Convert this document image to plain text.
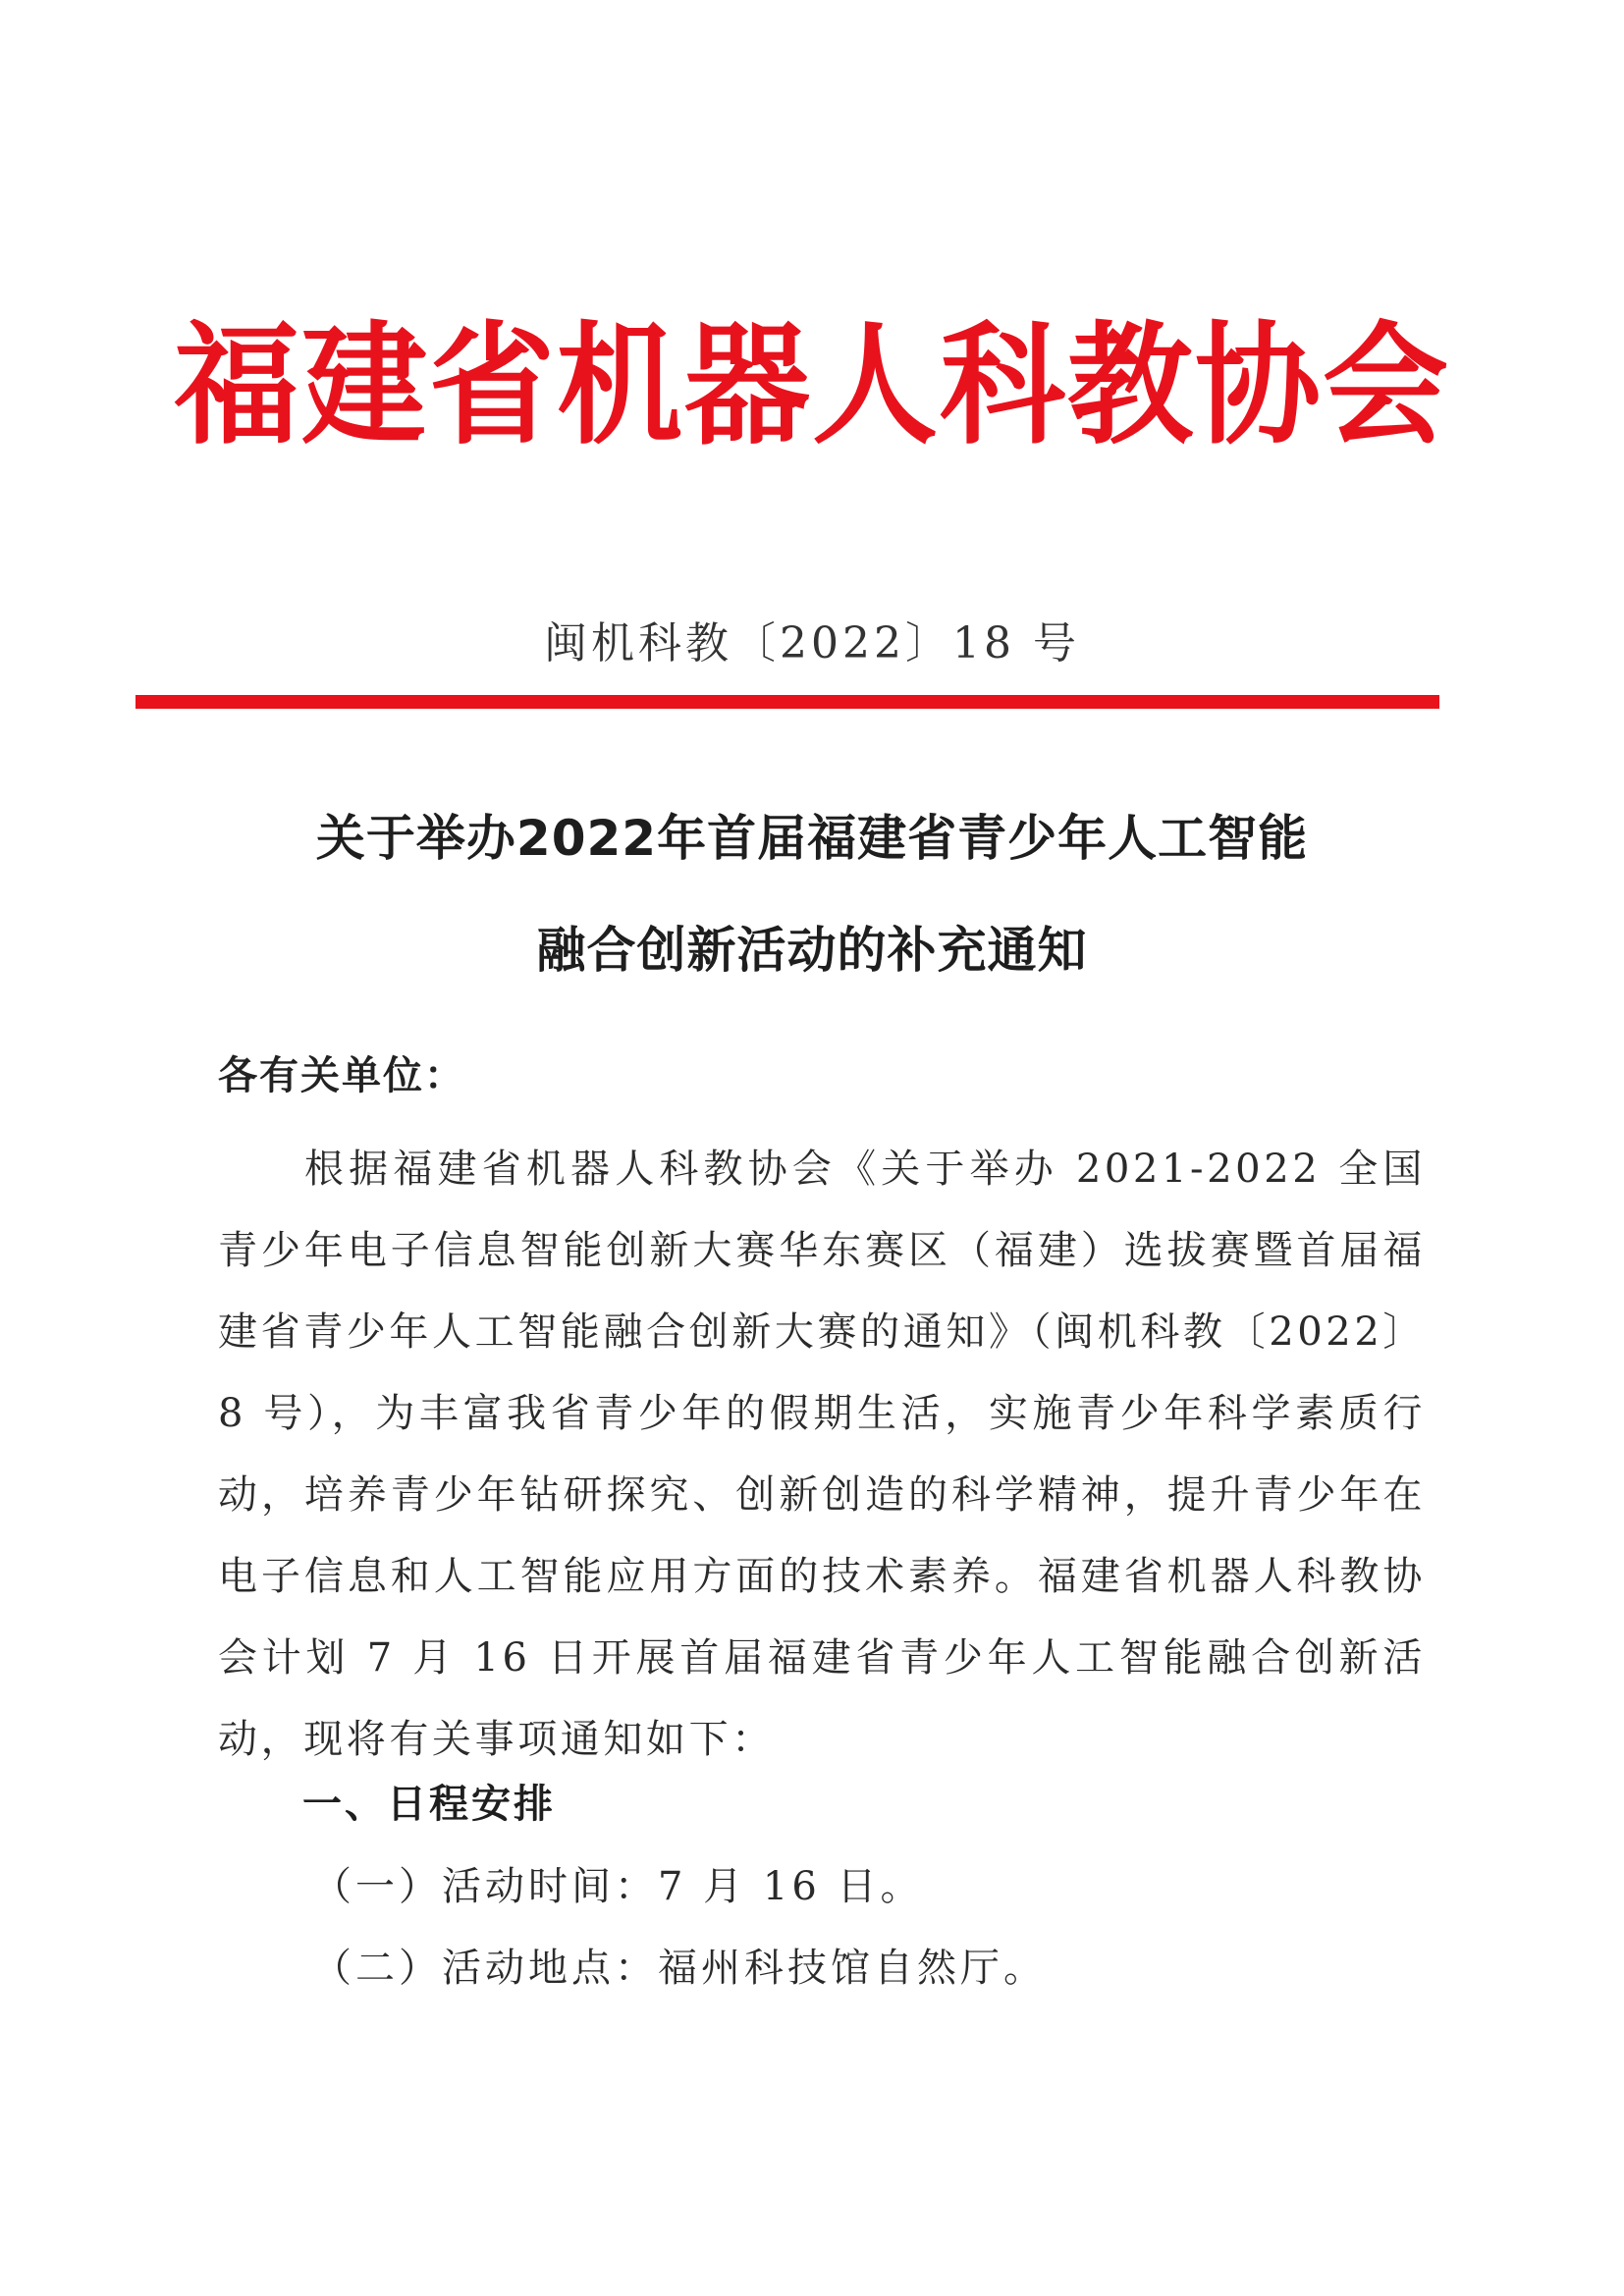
福建省机器人科教协会
闽机科教〔2022〕18 号
关于举办2022年首届福建省青少年人工智能
融合创新活动的补充通知
各有关单位：
根据福建省机器人科教协会《关于举办 2021-2022 全国青少年电子信息智能创新大赛华东赛区（福建）选拔赛暨首届福建省青少年人工智能融合创新大赛的通知》（闽机科教〔2022〕8 号），为丰富我省青少年的假期生活，实施青少年科学素质行动，培养青少年钻研探究、创新创造的科学精神，提升青少年在电子信息和人工智能应用方面的技术素养。福建省机器人科教协会计划 7 月 16 日开展首届福建省青少年人工智能融合创新活动，现将有关事项通知如下：
一、日程安排
（一）活动时间：7 月 16 日。
（二）活动地点：福州科技馆自然厅。
